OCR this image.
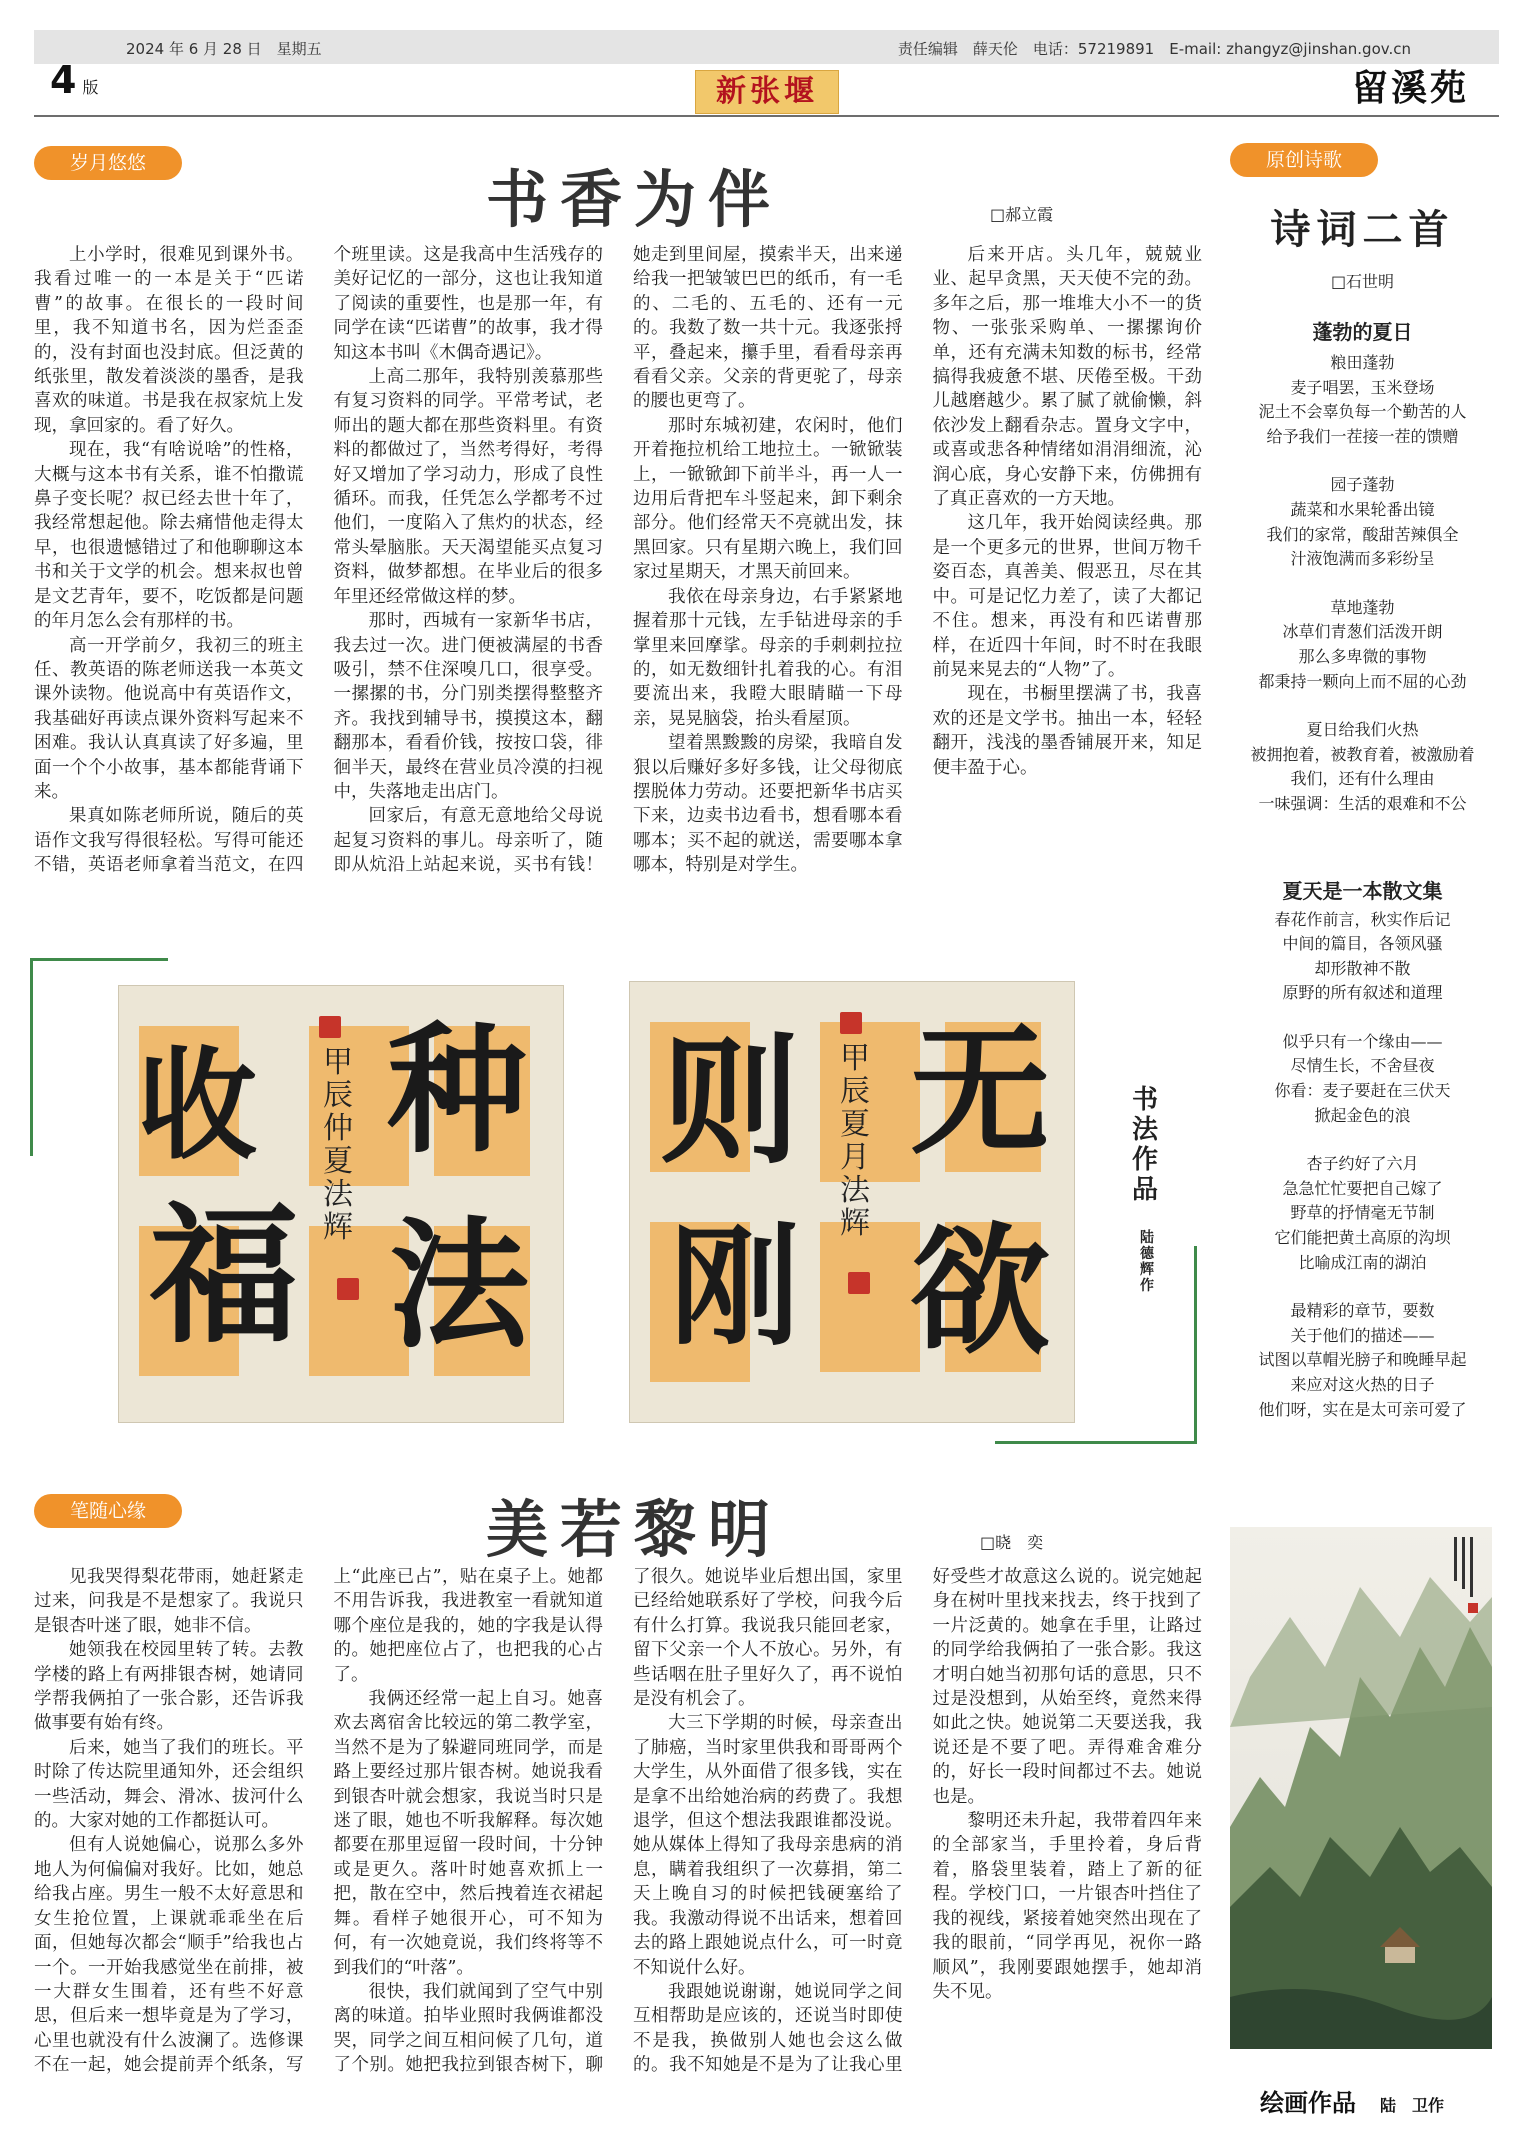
2024 年 6 月 28 日　星期五	责任编辑　薛天伦　电话：57219891　E-mail: zhangyz@jinshan.gov.cn
4 版	新张堰	留溪苑
岁月悠悠	书香为伴	□郝立霞

上小学时，很难见到课外书。我看过唯一的一本是关于“匹诺曹”的故事。在很长的一段时间里，我不知道书名，因为烂歪歪的，没有封面也没封底。但泛黄的纸张里，散发着淡淡的墨香，是我喜欢的味道。书是我在叔家炕上发现，拿回家的。看了好久。

现在，我“有啥说啥”的性格，大概与这本书有关系，谁不怕撒谎鼻子变长呢？叔已经去世十年了，我经常想起他。除去痛惜他走得太早，也很遗憾错过了和他聊聊这本书和关于文学的机会。想来叔也曾是文艺青年，要不，吃饭都是问题的年月怎么会有那样的书。

高一开学前夕，我初三的班主任、教英语的陈老师送我一本英文课外读物。他说高中有英语作文，我基础好再读点课外资料写起来不困难。我认认真真读了好多遍，里面一个个小故事，基本都能背诵下来。

果真如陈老师所说，随后的英语作文我写得很轻松。写得可能还不错，英语老师拿着当范文，在四个班里读。这是我高中生活残存的美好记忆的一部分，这也让我知道了阅读的重要性，也是那一年，有同学在读“匹诺曹”的故事，我才得知这本书叫《木偶奇遇记》。

上高二那年，我特别羡慕那些有复习资料的同学。平常考试，老师出的题大都在那些资料里。有资料的都做过了，当然考得好，考得好又增加了学习动力，形成了良性循环。而我，任凭怎么学都考不过他们，一度陷入了焦灼的状态，经常头晕脑胀。天天渴望能买点复习资料，做梦都想。在毕业后的很多年里还经常做这样的梦。

那时，西城有一家新华书店，我去过一次。进门便被满屋的书香吸引，禁不住深嗅几口，很享受。一摞摞的书，分门别类摆得整整齐齐。我找到辅导书，摸摸这本，翻翻那本，看看价钱，按按口袋，徘徊半天，最终在营业员冷漠的扫视中，失落地走出店门。

回家后，有意无意地给父母说起复习资料的事儿。母亲听了，随即从炕沿上站起来说，买书有钱！她走到里间屋，摸索半天，出来递给我一把皱皱巴巴的纸币，有一毛的、二毛的、五毛的、还有一元的。我数了数一共十元。我逐张捋平，叠起来，攥手里，看看母亲再看看父亲。父亲的背更驼了，母亲的腰也更弯了。

那时东城初建，农闲时，他们开着拖拉机给工地拉土。一锨锨装上，一锨锨卸下前半斗，再一人一边用后背把车斗竖起来，卸下剩余部分。他们经常天不亮就出发，抹黑回家。只有星期六晚上，我们回家过星期天，才黑天前回来。

我依在母亲身边，右手紧紧地握着那十元钱，左手钻进母亲的手掌里来回摩挲。母亲的手刺刺拉拉的，如无数细针扎着我的心。有泪要流出来，我瞪大眼睛瞄一下母亲，晃晃脑袋，抬头看屋顶。

望着黑黢黢的房梁，我暗自发狠以后赚好多好多钱，让父母彻底摆脱体力劳动。还要把新华书店买下来，边卖书边看书，想看哪本看哪本；买不起的就送，需要哪本拿哪本，特别是对学生。

后来开店。头几年，兢兢业业、起早贪黑，天天使不完的劲。多年之后，那一堆堆大小不一的货物、一张张采购单、一摞摞询价单，还有充满未知数的标书，经常搞得我疲惫不堪、厌倦至极。干劲儿越磨越少。累了腻了就偷懒，斜依沙发上翻看杂志。置身文字中，或喜或悲各种情绪如涓涓细流，沁润心底，身心安静下来，仿佛拥有了真正喜欢的一方天地。

这几年，我开始阅读经典。那是一个更多元的世界，世间万物千姿百态，真善美、假恶丑，尽在其中。可是记忆力差了，读了大都记不住。想来，再没有和匹诺曹那样，在近四十年间，时不时在我眼前晃来晃去的“人物”了。

现在，书橱里摆满了书，我喜欢的还是文学书。抽出一本，轻轻翻开，浅浅的墨香铺展开来，知足便丰盈于心。

原创诗歌
诗词二首
□石世明
蓬勃的夏日
粮田蓬勃
麦子唱罢，玉米登场
泥土不会辜负每一个勤苦的人
给予我们一茬接一茬的馈赠
园子蓬勃
蔬菜和水果轮番出镜
我们的家常，酸甜苦辣俱全
汁液饱满而多彩纷呈
草地蓬勃
冰草们青葱们活泼开朗
那么多卑微的事物
都秉持一颗向上而不屈的心劲
夏日给我们火热
被拥抱着，被教育着，被激励着
我们，还有什么理由
一味强调：生活的艰难和不公
夏天是一本散文集
春花作前言，秋实作后记
中间的篇目，各领风骚
却形散神不散
原野的所有叙述和道理
似乎只有一个缘由——
尽情生长，不舍昼夜
你看：麦子要赶在三伏天
掀起金色的浪
杏子约好了六月
急急忙忙要把自己嫁了
野草的抒情毫无节制
它们能把黄土高原的沟坝
比喻成江南的湖泊
最精彩的章节，要数
关于他们的描述——
试图以草帽光膀子和晚睡早起
来应对这火热的日子
他们呀，实在是太可亲可爱了
种
福 法
收 甲辰仲夏法辉
无
欲
则
刚
甲辰夏月法辉
书法作品
陆德辉作
笔随心缘	美若黎明	□晓　奕

见我哭得梨花带雨，她赶紧走过来，问我是不是想家了。我说只是银杏叶迷了眼，她非不信。

她领我在校园里转了转。去教学楼的路上有两排银杏树，她请同学帮我俩拍了一张合影，还告诉我做事要有始有终。

后来，她当了我们的班长。平时除了传达院里通知外，还会组织一些活动，舞会、滑冰、拔河什么的。大家对她的工作都挺认可。

但有人说她偏心，说那么多外地人为何偏偏对我好。比如，她总给我占座。男生一般不太好意思和女生抢位置，上课就乖乖坐在后面，但她每次都会“顺手”给我也占一个。一开始我感觉坐在前排，被一大群女生围着，还有些不好意思，但后来一想毕竟是为了学习，心里也就没有什么波澜了。选修课不在一起，她会提前弄个纸条，写上“此座已占”，贴在桌子上。她都不用告诉我，我进教室一看就知道哪个座位是我的，她的字我是认得的。她把座位占了，也把我的心占了。

我俩还经常一起上自习。她喜欢去离宿舍比较远的第二教学室，当然不是为了躲避同班同学，而是路上要经过那片银杏树。她说我看到银杏叶就会想家，我说当时只是迷了眼，她也不听我解释。每次她都要在那里逗留一段时间，十分钟或是更久。落叶时她喜欢抓上一把，散在空中，然后拽着连衣裙起舞。看样子她很开心，可不知为何，有一次她竟说，我们终将等不到我们的“叶落”。

很快，我们就闻到了空气中别离的味道。拍毕业照时我俩谁都没哭，同学之间互相问候了几句，道了个别。她把我拉到银杏树下，聊了很久。她说毕业后想出国，家里已经给她联系好了学校，问我今后有什么打算。我说我只能回老家，留下父亲一个人不放心。另外，有些话咽在肚子里好久了，再不说怕是没有机会了。

大三下学期的时候，母亲查出了肺癌，当时家里供我和哥哥两个大学生，从外面借了很多钱，实在是拿不出给她治病的药费了。我想退学，但这个想法我跟谁都没说。她从媒体上得知了我母亲患病的消息，瞒着我组织了一次募捐，第二天上晚自习的时候把钱硬塞给了我。我激动得说不出话来，想着回去的路上跟她说点什么，可一时竟不知说什么好。

我跟她说谢谢，她说同学之间互相帮助是应该的，还说当时即使不是我，换做别人她也会这么做的。我不知她是不是为了让我心里好受些才故意这么说的。说完她起身在树叶里找来找去，终于找到了一片泛黄的。她拿在手里，让路过的同学给我俩拍了一张合影。我这才明白她当初那句话的意思，只不过是没想到，从始至终，竟然来得如此之快。她说第二天要送我，我说还是不要了吧。弄得难舍难分的，好长一段时间都过不去。她说也是。

黎明还未升起，我带着四年来的全部家当，手里拎着，身后背着，胳袋里装着，踏上了新的征程。学校门口，一片银杏叶挡住了我的视线，紧接着她突然出现在了我的眼前，“同学再见，祝你一路顺风”，我刚要跟她摆手，她却消失不见。

绘画作品　 陆　卫作
